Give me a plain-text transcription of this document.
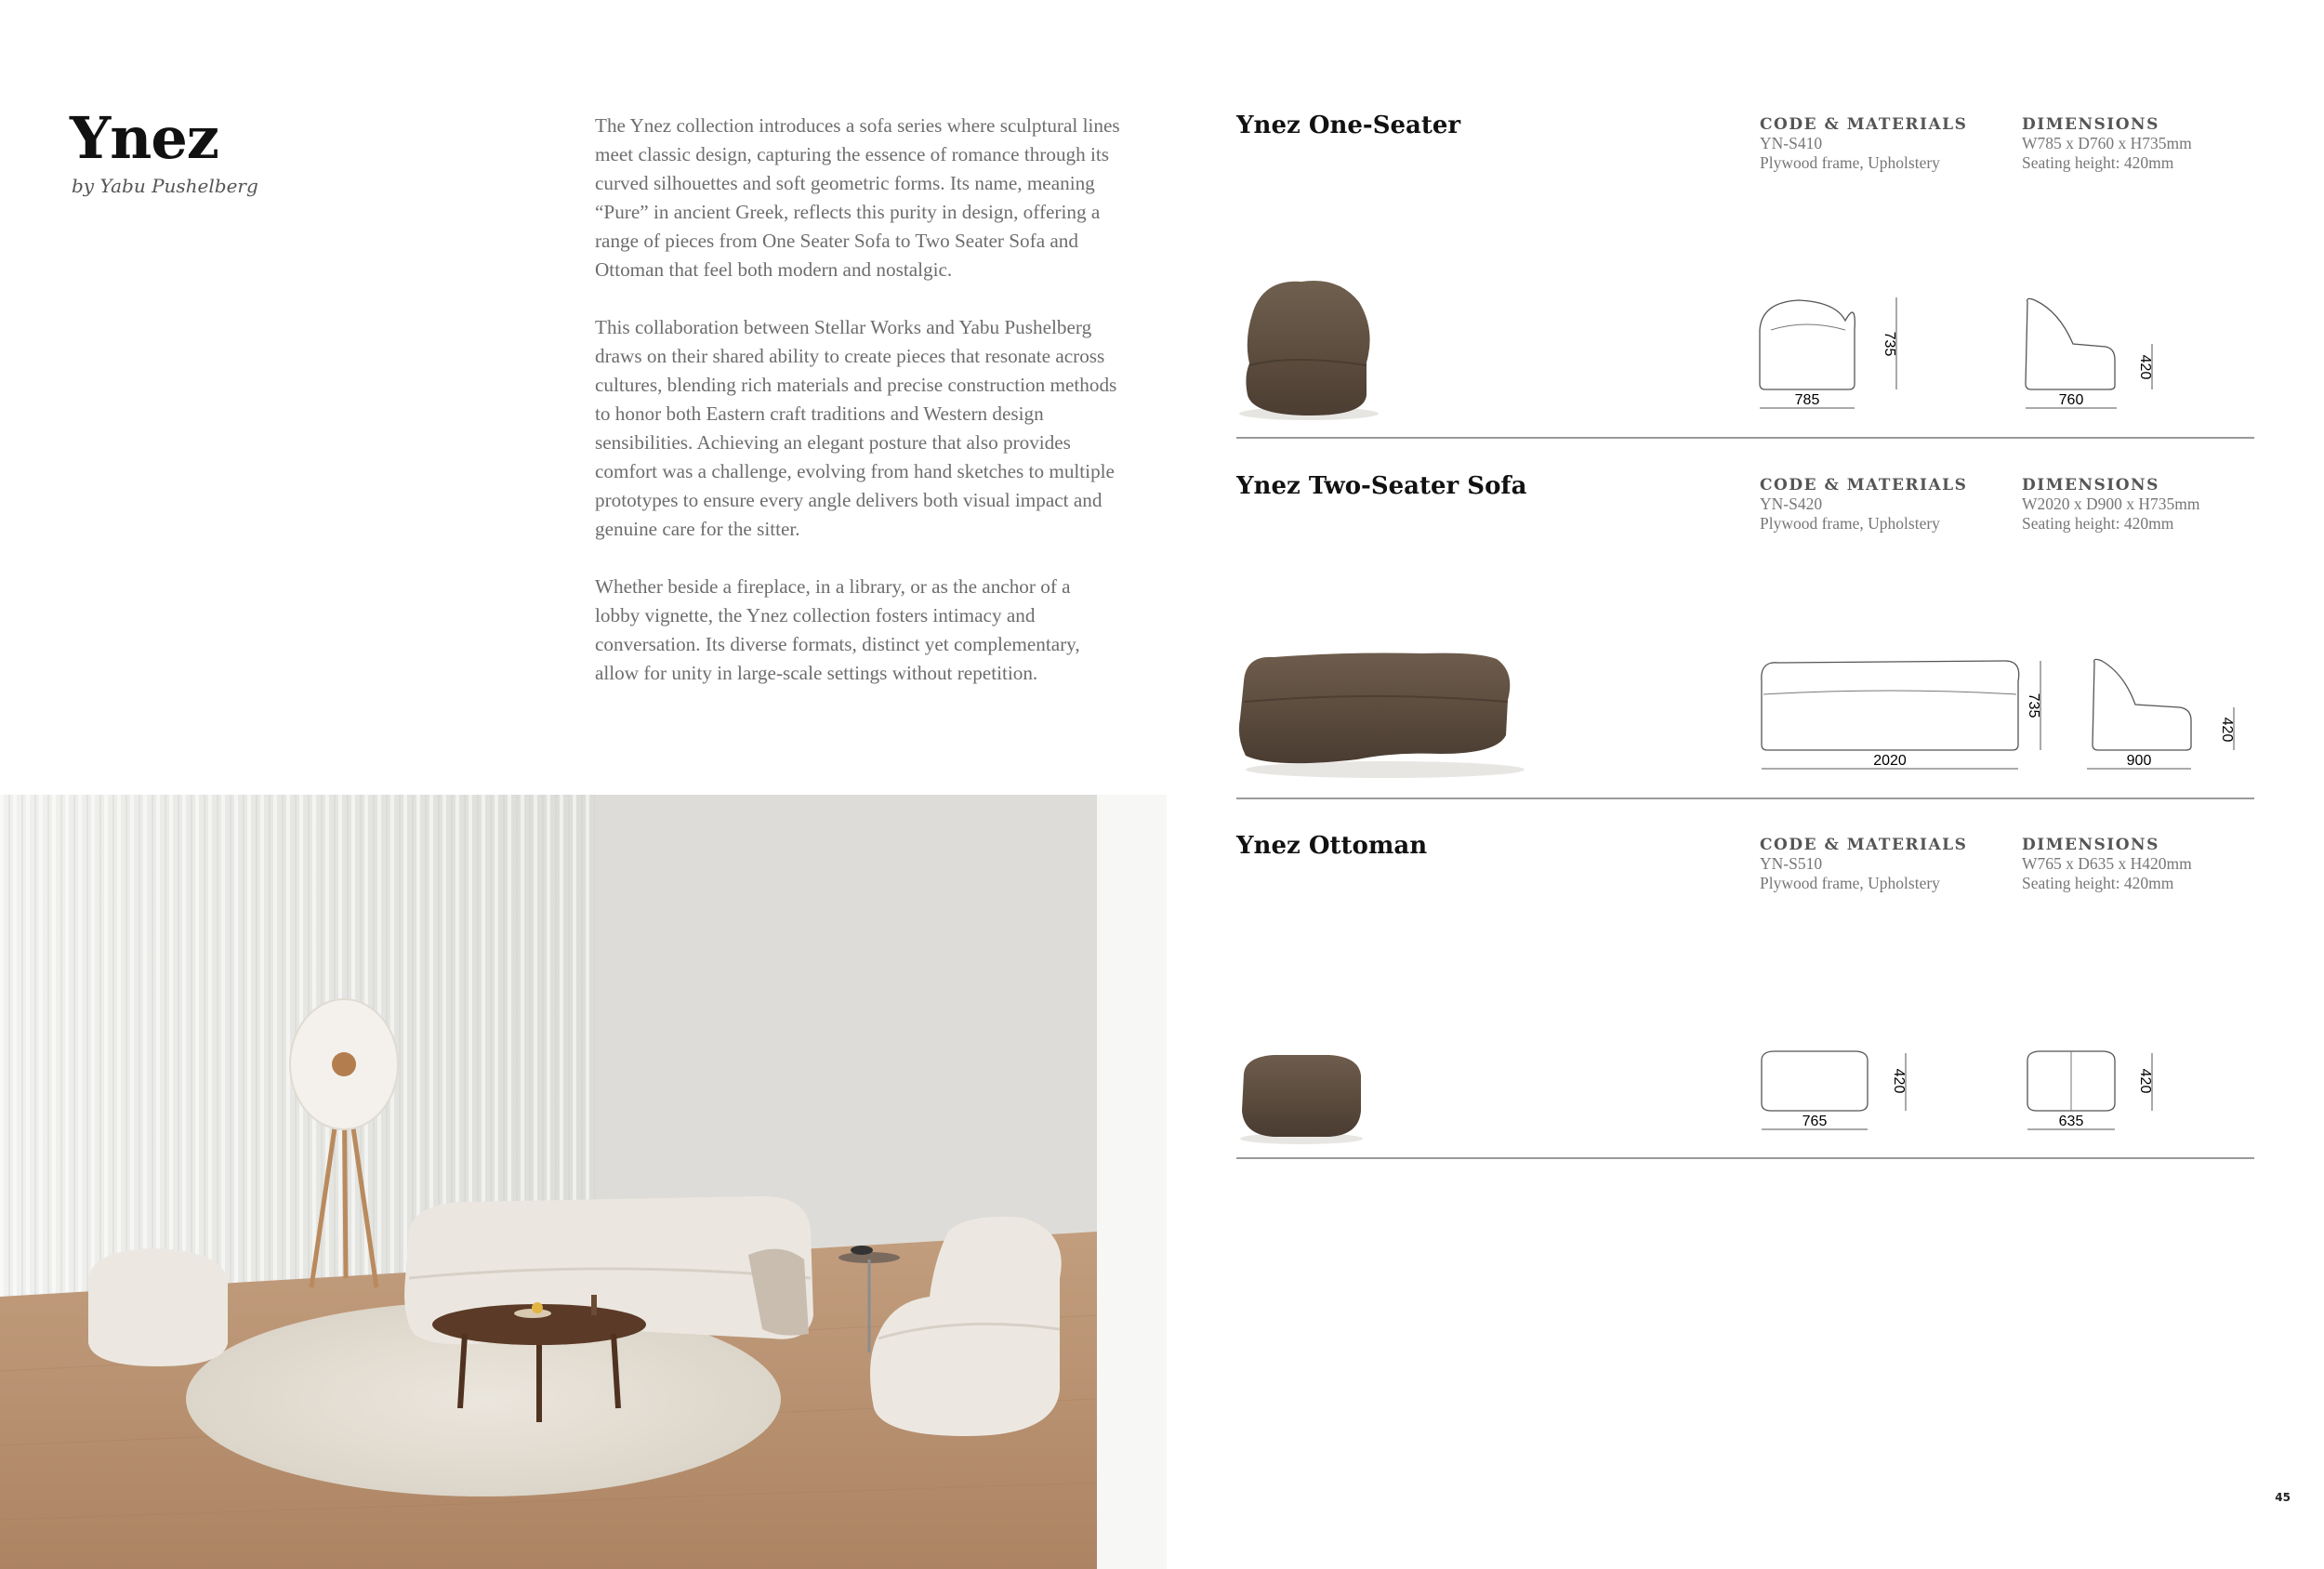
Ynez
by Yabu Pushelberg

The Ynez collection introduces a sofa series where sculptural lines meet classic design, capturing the essence of romance through its curved silhouettes and soft geometric forms. Its name, meaning “Pure” in ancient Greek, reflects this purity in design, offering a range of pieces from One Seater Sofa to Two Seater Sofa and Ottoman that feel both modern and nostalgic.

This collaboration between Stellar Works and Yabu Pushelberg draws on their shared ability to create pieces that resonate across cultures, blending rich materials and precise construction methods to honor both Eastern craft traditions and Western design sensibilities. Achieving an elegant posture that also provides comfort was a challenge, evolving from hand sketches to multiple prototypes to ensure every angle delivers both visual impact and genuine care for the sitter.

Whether beside a fireplace, in a library, or as the anchor of a lobby vignette, the Ynez collection fosters intimacy and conversation. Its diverse formats, distinct yet complementary, allow for unity in large-scale settings without repetition.

Ynez One-Seater	CODE & MATERIALS
YN-S410
Plywood frame, Upholstery
DIMENSIONS
W785 x D760 x H735mm
Seating height: 420mm
785
735
760
420
Ynez Two-Seater Sofa	CODE & MATERIALS
YN-S420
Plywood frame, Upholstery
DIMENSIONS
W2020 x D900 x H735mm
Seating height: 420mm
2020
735
900
420
Ynez Ottoman	CODE & MATERIALS
YN-S510
Plywood frame, Upholstery
DIMENSIONS
W765 x D635 x H420mm
Seating height: 420mm
765
420
635
420
45
